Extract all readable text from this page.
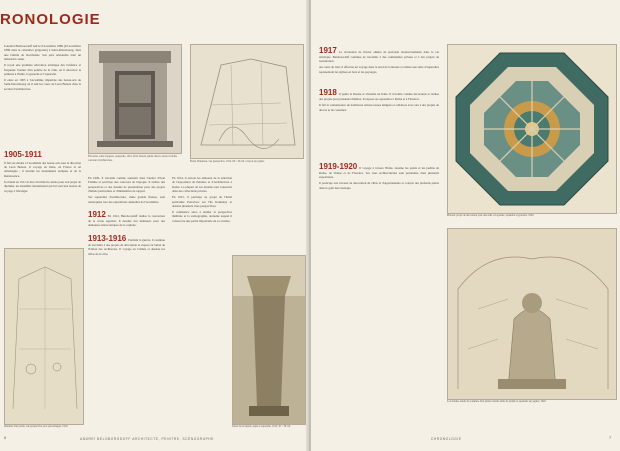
RONOLOGIE

6 Andrei Beloborodoff naît le 8 novembre 1886 (20 novembre 1886 dans le calendrier grégorien) à Saint-Pétersbourg, dans une famille de marchands. Son père Alexandre était un industriel connu.

Il reçoit une première éducation artistique dès l'enfance et fréquente l'atelier d'un peintre de la ville, où il découvre la peinture à l'huile, la gouache et l'aquarelle.

Il entre en 1905 à l'Académie impériale des beaux-arts de Saint-Pétersbourg où il suit les cours de Léon Benois dans la section d'architecture.

1905-1911

Il fait ses études à l'Académie des beaux-arts sous la direction de Léon Benois. Il voyage en Italie, en France et en Allemagne ; il dessine les monuments antiques et de la Renaissance.

Il obtient en 1911 le titre d'architecte artiste pour son projet de diplôme, un ensemble monumental qui lui vaut une bourse de voyage à l'étranger.

Élévation, salle d'apparat. Aquarelle, 1912-1914. Dessin publié dans la revue Zodchii, concours d'architecture.	Étude d'intérieur, vue perspective, 1914. 60 × 46 cm. Crayon sur papier.

En 1909, il travaille comme assistant dans l'atelier d'Ivan Fomine et participe aux concours de l'époque. Il réalise des perspectives et des dessins de présentation pour des projets d'hôtels particuliers et d'immeubles de rapport.

Ses aquarelles d'architecture, d'une grande finesse, sont remarquées lors des expositions annuelles de l'Académie.

1912 En 1912, Beloborodoff réalise la couverture de la revue Apollon. Il dessine des intérieurs pour des demeures aristocratiques de la capitale.

1913-1916 Pendant la guerre, il continue de travailler à des projets de décoration et expose au Salon de l'Union des architectes. Il voyage en Crimée et dessine les villas de la côte.

En 1914, il envoie les tableaux de la sélection de l'exposition de Peinture et d'Architecture à Rome. La plupart de ses dessins sont conservés dans des collections privées.

En 1915, il participe au projet de l'hôtel particulier Polovtsov sur l'île Kamenny et dessine plusieurs vues perspectives.

Il commence alors à étudier la perspective théâtrale et la scénographie, domaine auquel il consacrera une partie importante de sa carrière.

Intérieur d'un palais, vue perspective avec personnages, 1916.	Salon de réception, sépia et aquarelle, 1913. 45 × 38 cm.
6	ANDREÏ BELOBORODOFF ARCHITECTE, PEINTRE, SCÉNOGRAPHE

1917 La révolution de février amène de profonds bouleversements dans la vie artistique. Beloborodoff continue de travailler à des commandes privées et à des projets de restauration.

Au cours de l'été, il effectue un voyage dans le nord de la Russie et réalise une série d'aquarelles représentant les églises en bois et les paysages.

1918 Il quitte la Russie et s'installe en Italie. Il travaille comme décorateur et réalise des projets pour plusieurs théâtres. Il expose ses aquarelles à Rome et à Florence.

Il fait la connaissance de nombreux artistes russes émigrés et collabore avec eux à des projets de décors et de costumes.

1919-1920 Il voyage à travers l'Italie, dessine les palais et les jardins de Rome, de Venise et de Florence. Ses vues architecturales sont présentées dans plusieurs expositions.

Il participe aux travaux de décoration de villas et d'appartements et conçoit des plafonds peints dans le goût néoclassique.

Plafond, projet de décoration pour une salle octogonale, aquarelle et gouache, 1920.
La fontaine, étude de sculpture d'un palais romain, mine de plomb et aquarelle sur papier, 1920.
CHRONOLOGIE	7
